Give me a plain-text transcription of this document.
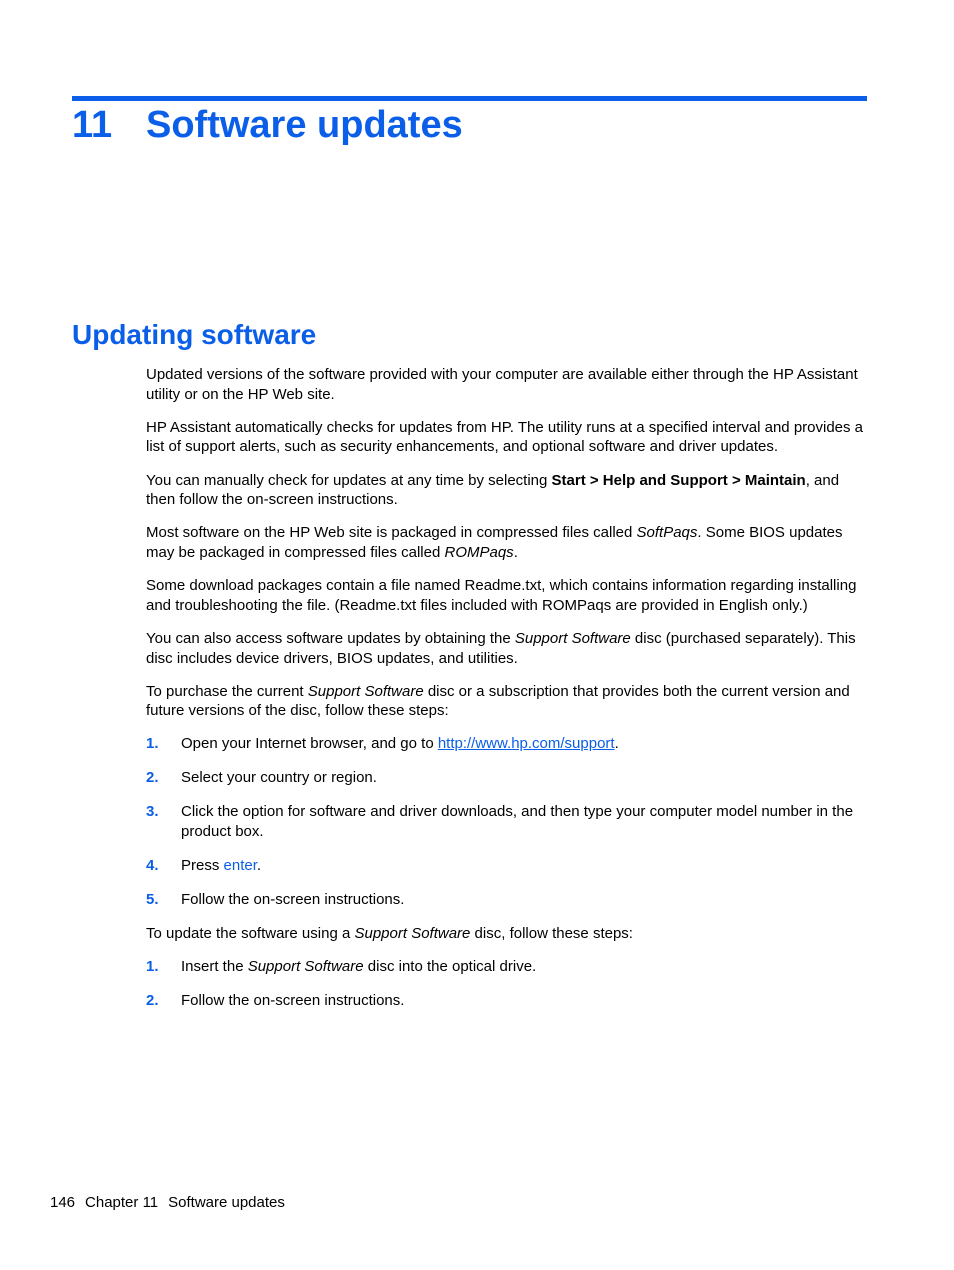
11 Software updates
Updating software

Updated versions of the software provided with your computer are available either through the HP Assistant utility or on the HP Web site.

HP Assistant automatically checks for updates from HP. The utility runs at a specified interval and provides a list of support alerts, such as security enhancements, and optional software and driver updates.

You can manually check for updates at any time by selecting Start > Help and Support > Maintain, and then follow the on-screen instructions.

Most software on the HP Web site is packaged in compressed files called SoftPaqs. Some BIOS updates may be packaged in compressed files called ROMPaqs.

Some download packages contain a file named Readme.txt, which contains information regarding installing and troubleshooting the file. (Readme.txt files included with ROMPaqs are provided in English only.)

You can also access software updates by obtaining the Support Software disc (purchased separately). This disc includes device drivers, BIOS updates, and utilities.

To purchase the current Support Software disc or a subscription that provides both the current version and future versions of the disc, follow these steps:

1. Open your Internet browser, and go to http://www.hp.com/support.
2. Select your country or region.
3. Click the option for software and driver downloads, and then type your computer model number in the product box.
4. Press enter.
5. Follow the on-screen instructions.

To update the software using a Support Software disc, follow these steps:

1. Insert the Support Software disc into the optical drive.
2. Follow the on-screen instructions.
146 Chapter 11 Software updates
